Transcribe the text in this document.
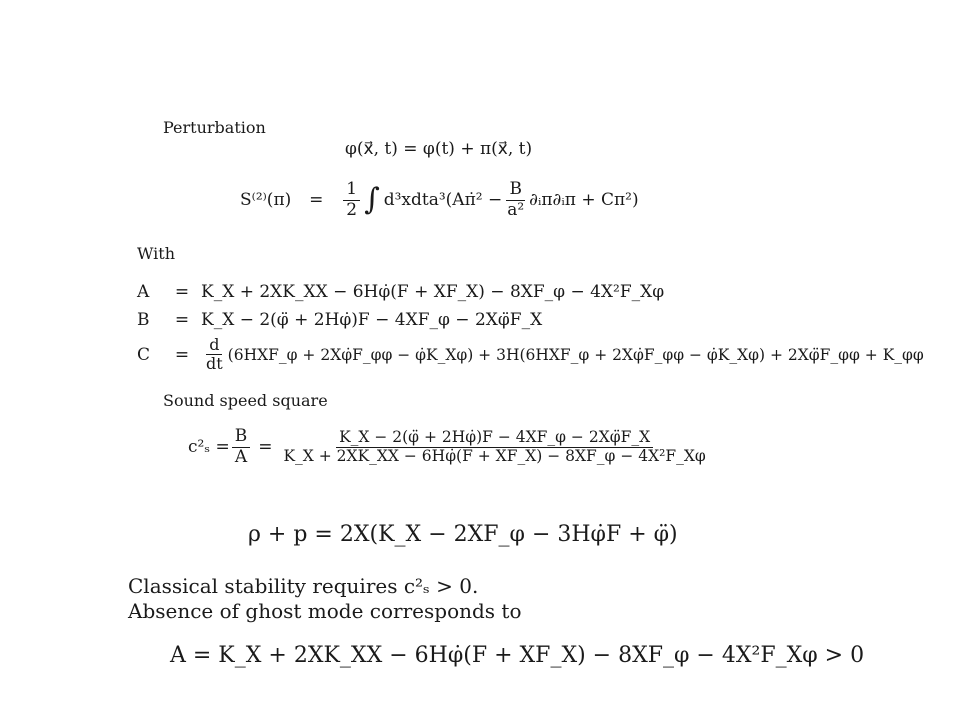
Perturbation
φ(x⃗, t) = φ(t) + π(x⃗, t)
S⁽²⁾(π)	=	$\frac{1}{2}$ ∫ d³xdta³(Aπ̇² − $\frac{B}{\text{a²}}$ ∂ᵢπ∂ᵢπ + Cπ²)
With
A	= K_X + 2XK_XX − 6Hφ̇(F + XF_X) − 8XF_φ − 4X²F_Xφ
B	= K_X − 2(φ̈ + 2Hφ̇)F − 4XF_φ − 2Xφ̈F_X
C	= $\frac{d}{dt}$ (6HXF_φ + 2Xφ̇F_φφ − φ̇K_Xφ) + 3H(6HXF_φ + 2Xφ̇F_φφ − φ̇K_Xφ) + 2Xφ̈F_φφ + K_φφ
Sound speed square
$c^2_s = \frac{B}{A} = \frac{K\_X - 2(\varphï + 2H\varphi̇)F - 4XF\_\varphi - 2X\varphïF\_X}{\text{K\_X + 2XK\_XX − 6Hφ̇(F + XF\_X) − 8XF\_φ − 4X²F\_Xφ}}$
ρ + p = 2X(K_X − 2XF_φ − 3Hφ̇F + φ̈)
Classical stability requires c²ₛ > 0.
Absence of ghost mode corresponds to
A = K_X + 2XK_XX − 6Hφ̇(F + XF_X) − 8XF_φ − 4X²F_Xφ > 0
